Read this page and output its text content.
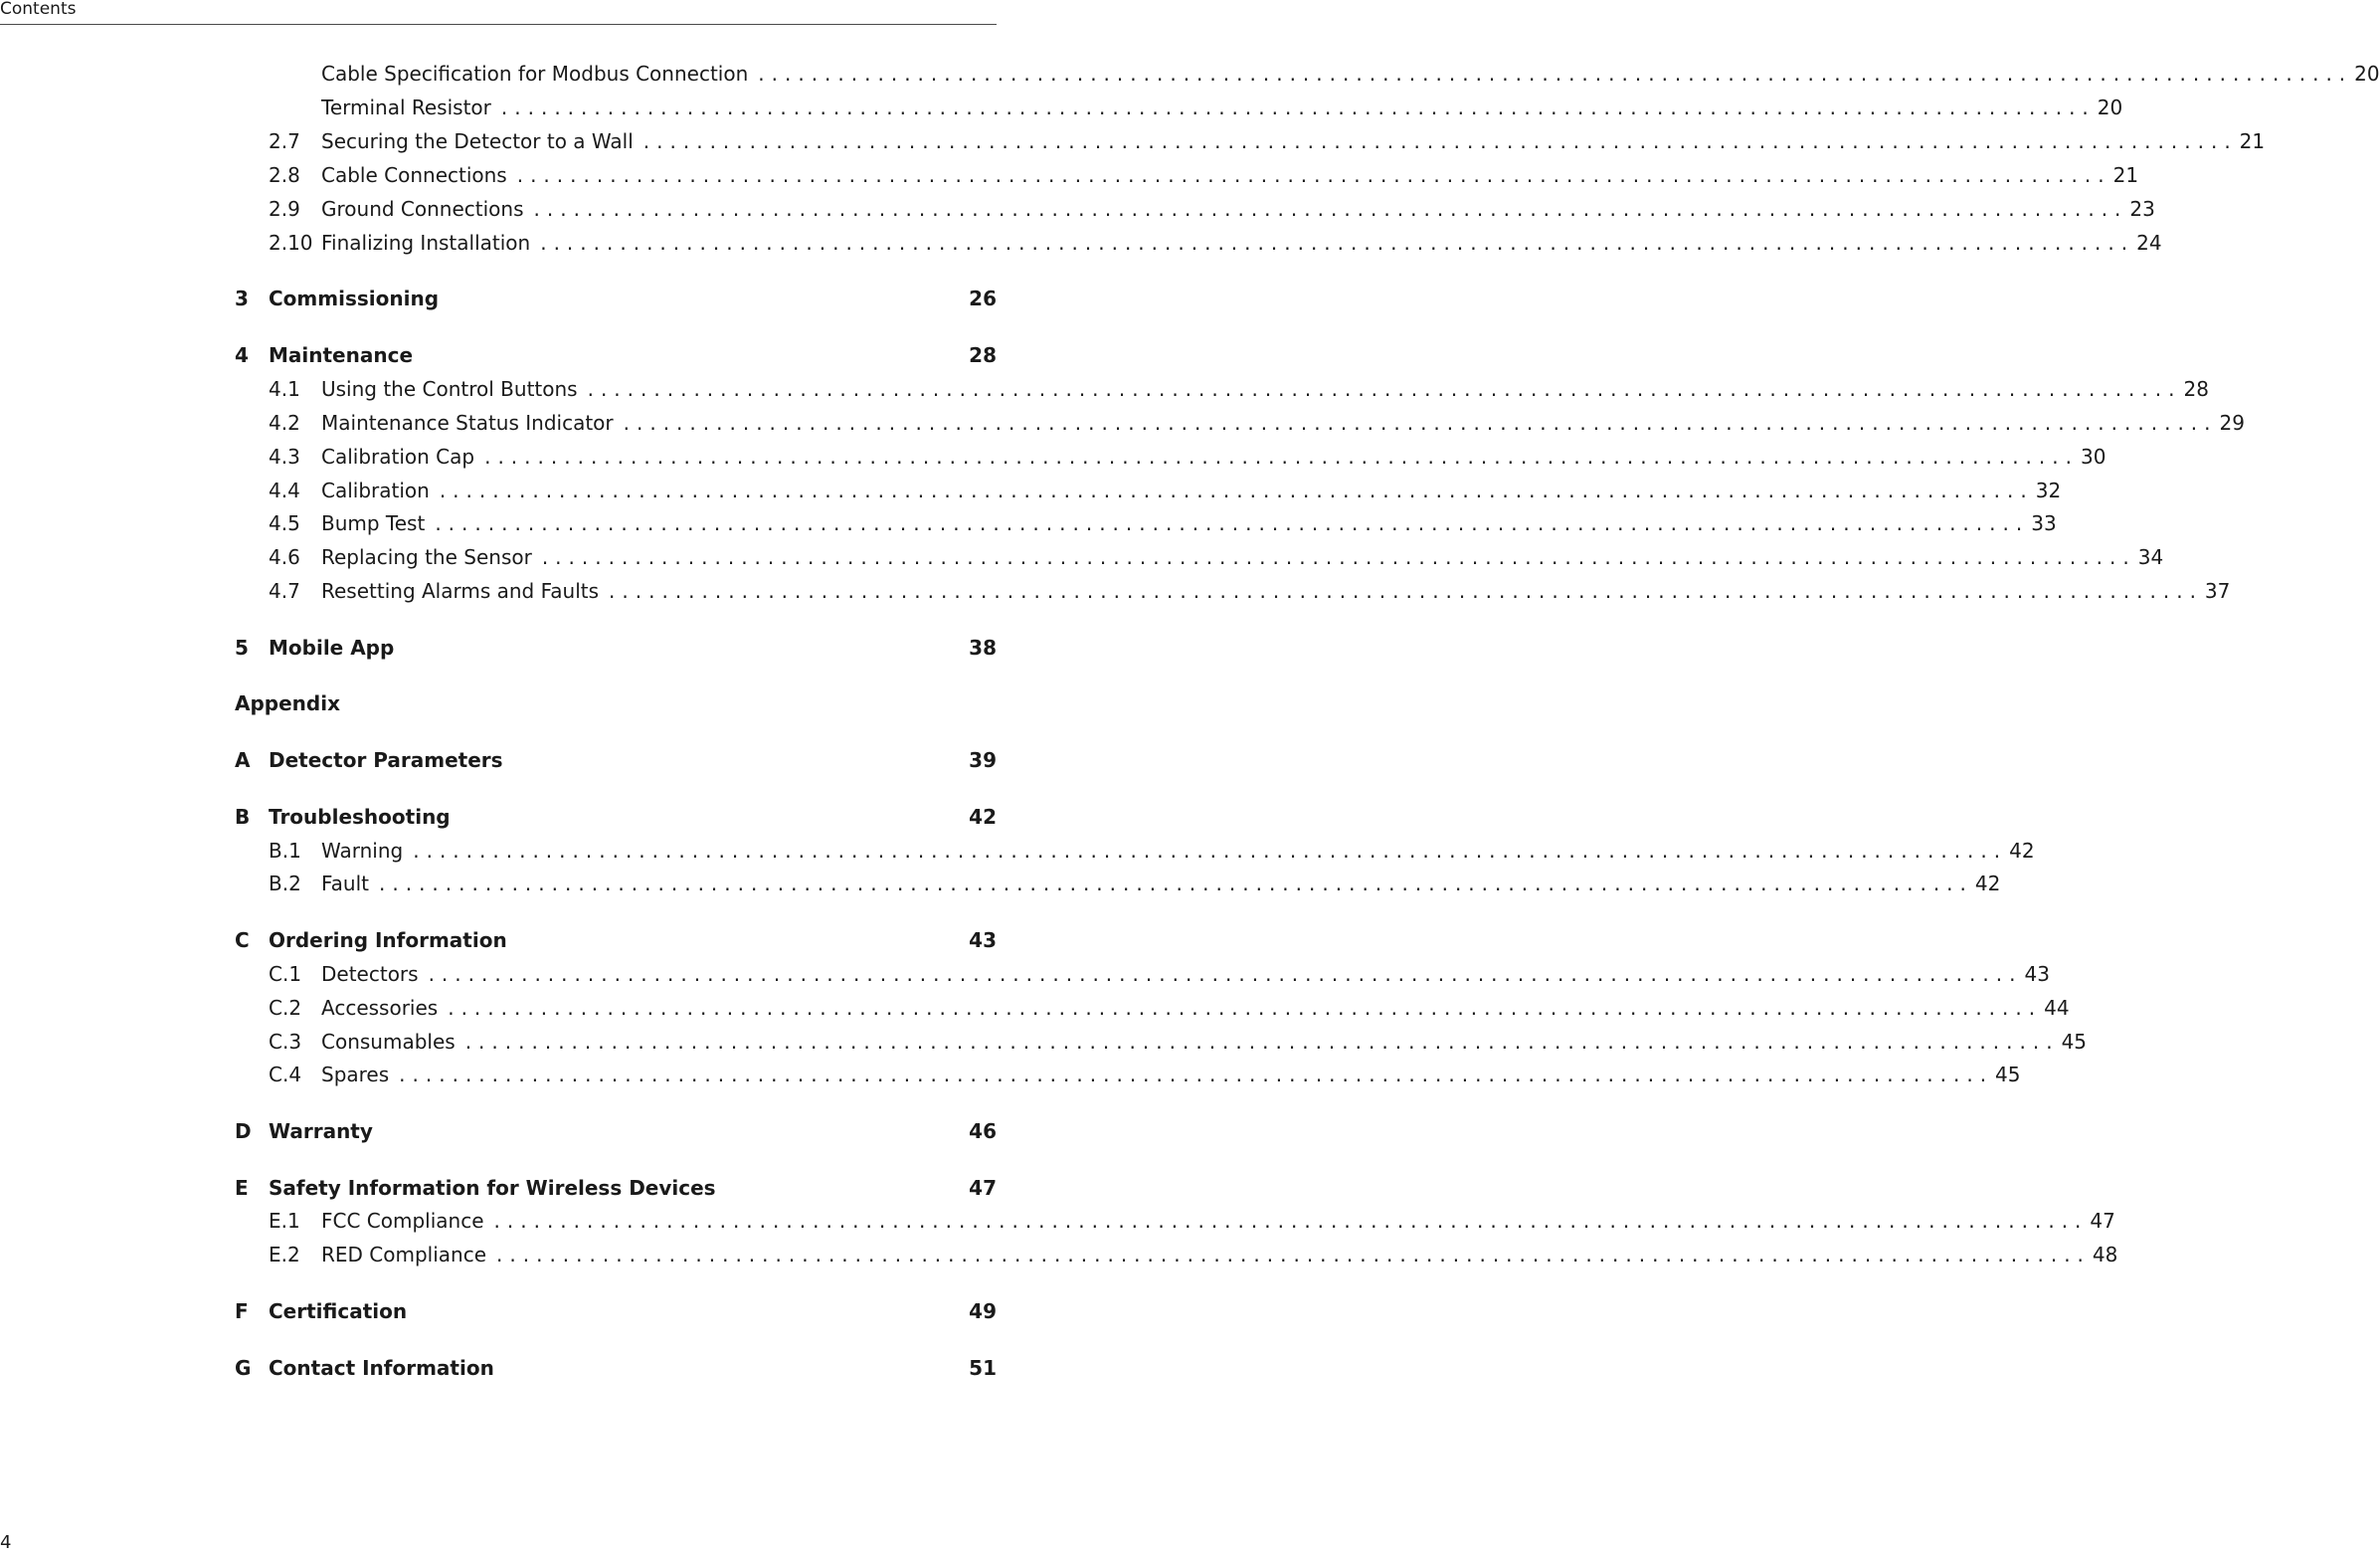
Contents
Cable Specification for Modbus Connection ........................................................................................................................ 20
Terminal Resistor ........................................................................................................................ 20
2.7	Securing the Detector to a Wall ........................................................................................................................ 21
2.8	Cable Connections ........................................................................................................................ 21
2.9	Ground Connections ........................................................................................................................ 23
2.10 Finalizing Installation ........................................................................................................................ 24
3	Commissioning	26
4	Maintenance	28
4.1	Using the Control Buttons ........................................................................................................................ 28
4.2	Maintenance Status Indicator ........................................................................................................................ 29
4.3	Calibration Cap ........................................................................................................................ 30
4.4	Calibration ........................................................................................................................ 32
4.5	Bump Test ........................................................................................................................ 33
4.6	Replacing the Sensor ........................................................................................................................ 34
4.7	Resetting Alarms and Faults ........................................................................................................................ 37
5	Mobile App	38
Appendix
A Detector Parameters	39
B Troubleshooting	42
B.1	Warning ........................................................................................................................ 42
B.2	Fault ........................................................................................................................ 42
C Ordering Information	43
C.1 Detectors ........................................................................................................................ 43
C.2 Accessories ........................................................................................................................ 44
C.3 Consumables ........................................................................................................................ 45
C.4 Spares ........................................................................................................................ 45
D Warranty	46
E	Safety Information for Wireless Devices	47
E.1	FCC Compliance ........................................................................................................................ 47
E.2	RED Compliance ........................................................................................................................ 48
F	Certification	49
G Contact Information	51
4
